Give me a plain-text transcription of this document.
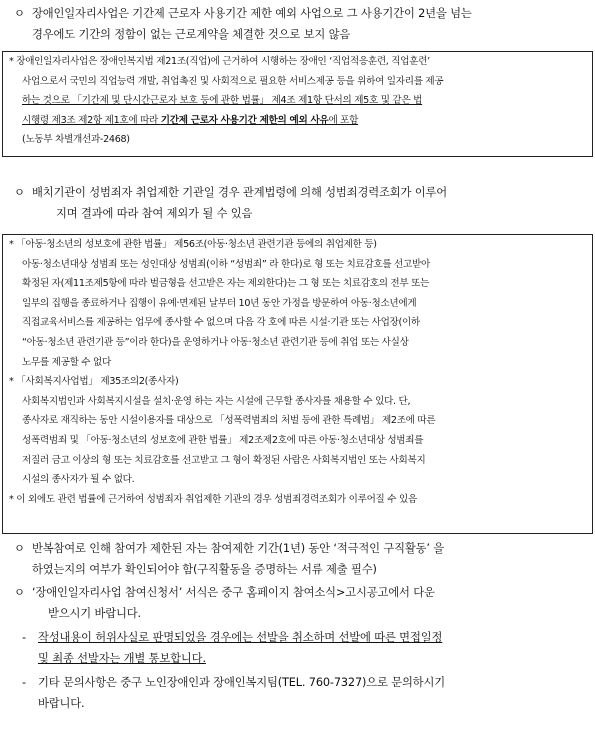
ㅇ 장애인일자리사업은 기간제 근로자 사용기간 제한 예외 사업으로 그 사용기간이 2년을 넘는
경우에도 기간의 정함이 없는 근로계약을 체결한 것으로 보지 않음

* 장애인일자리사업은 장애인복지법 제21조(직업)에 근거하여 시행하는 장애인 ‘직업적응훈련, 직업훈련’

사업으로서 국민의 직업능력 개발, 취업촉진 및 사회적으로 필요한 서비스제공 등을 위하여 일자리를 제공

하는 것으로 「기간제 및 단시간근로자 보호 등에 관한 법률」 제4조 제1항 단서의 제5호 및 같은 법

시행령 제3조 제2항 제1호에 따라 기간제 근로자 사용기간 제한의 예외 사유에 포함

(노동부 차별개선과-2468)

ㅇ 배치기관이 성범죄자 취업제한 기관일 경우 관계법령에 의해 성범죄경력조회가 이루어
지며 결과에 따라 참여 제외가 될 수 있음

* 「아동·청소년의 성보호에 관한 법률」 제56조(아동·청소년 관련기관 등에의 취업제한 등)

아동·청소년대상 성범죄 또는 성인대상 성범죄(이하 “성범죄” 라 한다)로 형 또는 치료감호를 선고받아

확정된 자(제11조제5항에 따라 벌금형을 선고받은 자는 제외한다)는 그 형 또는 치료감호의 전부 또는

일부의 집행을 종료하거나 집행이 유예·면제된 날부터 10년 동안 가정을 방문하여 아동·청소년에게

직접교육서비스를 제공하는 업무에 종사할 수 없으며 다음 각 호에 따른 시설·기관 또는 사업장(이하

“아동·청소년 관련기관 등”이라 한다)을 운영하거나 아동·청소년 관련기관 등에 취업 또는 사실상

노무를 제공할 수 없다

* 「사회복지사업법」 제35조의2(종사자)

사회복지법인과 사회복지시설을 설치·운영 하는 자는 시설에 근무할 종사자를 채용할 수 있다. 단,

종사자로 재직하는 동안 시설이용자를 대상으로 「성폭력범죄의 처벌 등에 관한 특례법」 제2조에 따른

성폭력범죄 및 「아동·청소년의 성보호에 관한 법률」 제2조제2호에 따른 아동·청소년대상 성범죄를

저질러 금고 이상의 형 또는 치료감호를 선고받고 그 형이 확정된 사람은 사회복지법인 또는 사회복지

시설의 종사자가 될 수 없다.

* 이 외에도 관련 법률에 근거하여 성범죄자 취업제한 기관의 경우 성범죄경력조회가 이루어질 수 있음

ㅇ 반복참여로 인해 참여가 제한된 자는 참여제한 기간(1년) 동안 ‘적극적인 구직활동’ 을
하였는지의 여부가 확인되어야 함(구직활동을 증명하는 서류 제출 필수)
ㅇ ‘장애인일자리사업 참여신청서’ 서식은 중구 홈페이지 참여소식>고시공고에서 다운
받으시기 바랍니다.
- 작성내용이 허위사실로 판명되었을 경우에는 선발을 취소하며 선발에 따른 면접일정
및 최종 선발자는 개별 통보합니다.
- 기타 문의사항은 중구 노인장애인과 장애인복지팀(TEL. 760-7327)으로 문의하시기
바랍니다.
